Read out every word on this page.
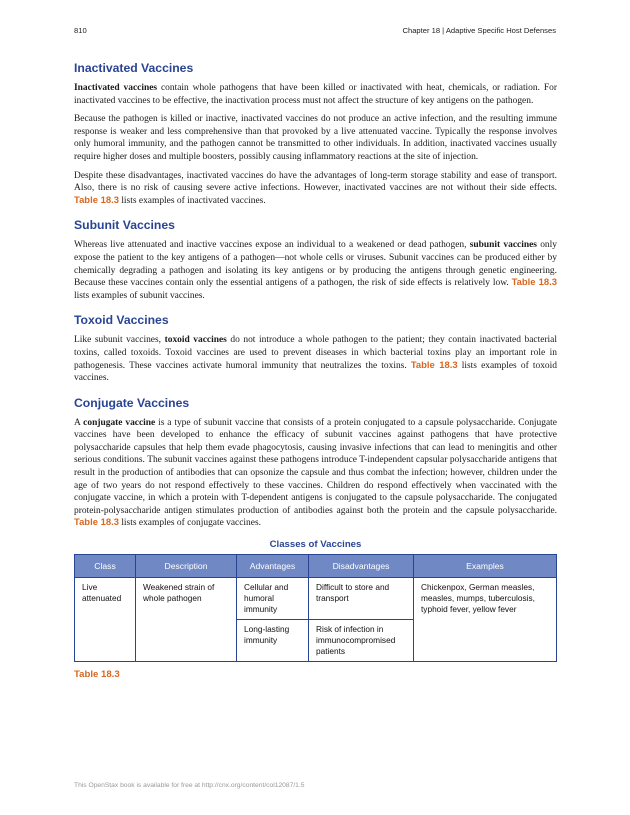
810	Chapter 18 | Adaptive Specific Host Defenses
Inactivated Vaccines

Inactivated vaccines contain whole pathogens that have been killed or inactivated with heat, chemicals, or radiation. For inactivated vaccines to be effective, the inactivation process must not affect the structure of key antigens on the pathogen.

Because the pathogen is killed or inactive, inactivated vaccines do not produce an active infection, and the resulting immune response is weaker and less comprehensive than that provoked by a live attenuated vaccine. Typically the response involves only humoral immunity, and the pathogen cannot be transmitted to other individuals. In addition, inactivated vaccines usually require higher doses and multiple boosters, possibly causing inflammatory reactions at the site of injection.

Despite these disadvantages, inactivated vaccines do have the advantages of long-term storage stability and ease of transport. Also, there is no risk of causing severe active infections. However, inactivated vaccines are not without their side effects. Table 18.3 lists examples of inactivated vaccines.

Subunit Vaccines

Whereas live attenuated and inactive vaccines expose an individual to a weakened or dead pathogen, subunit vaccines only expose the patient to the key antigens of a pathogen—not whole cells or viruses. Subunit vaccines can be produced either by chemically degrading a pathogen and isolating its key antigens or by producing the antigens through genetic engineering. Because these vaccines contain only the essential antigens of a pathogen, the risk of side effects is relatively low. Table 18.3 lists examples of subunit vaccines.

Toxoid Vaccines

Like subunit vaccines, toxoid vaccines do not introduce a whole pathogen to the patient; they contain inactivated bacterial toxins, called toxoids. Toxoid vaccines are used to prevent diseases in which bacterial toxins play an important role in pathogenesis. These vaccines activate humoral immunity that neutralizes the toxins. Table 18.3 lists examples of toxoid vaccines.

Conjugate Vaccines

A conjugate vaccine is a type of subunit vaccine that consists of a protein conjugated to a capsule polysaccharide. Conjugate vaccines have been developed to enhance the efficacy of subunit vaccines against pathogens that have protective polysaccharide capsules that help them evade phagocytosis, causing invasive infections that can lead to meningitis and other serious conditions. The subunit vaccines against these pathogens introduce T-independent capsular polysaccharide antigens that result in the production of antibodies that can opsonize the capsule and thus combat the infection; however, children under the age of two years do not respond effectively to these vaccines. Children do respond effectively when vaccinated with the conjugate vaccine, in which a protein with T-dependent antigens is conjugated to the capsule polysaccharide. The conjugated protein-polysaccharide antigen stimulates production of antibodies against both the protein and the capsule polysaccharide. Table 18.3 lists examples of conjugate vaccines.

Classes of Vaccines
Class	Description	Advantages	Disadvantages	Examples
Live attenuated	Weakened strain of whole pathogen	Cellular and humoral immunity	Difficult to store and transport	Chickenpox, German measles, measles, mumps, tuberculosis, typhoid fever, yellow fever
		Long-lasting immunity	Risk of infection in immunocompromised patients	
Table 18.3
This OpenStax book is available for free at http://cnx.org/content/col12087/1.5
